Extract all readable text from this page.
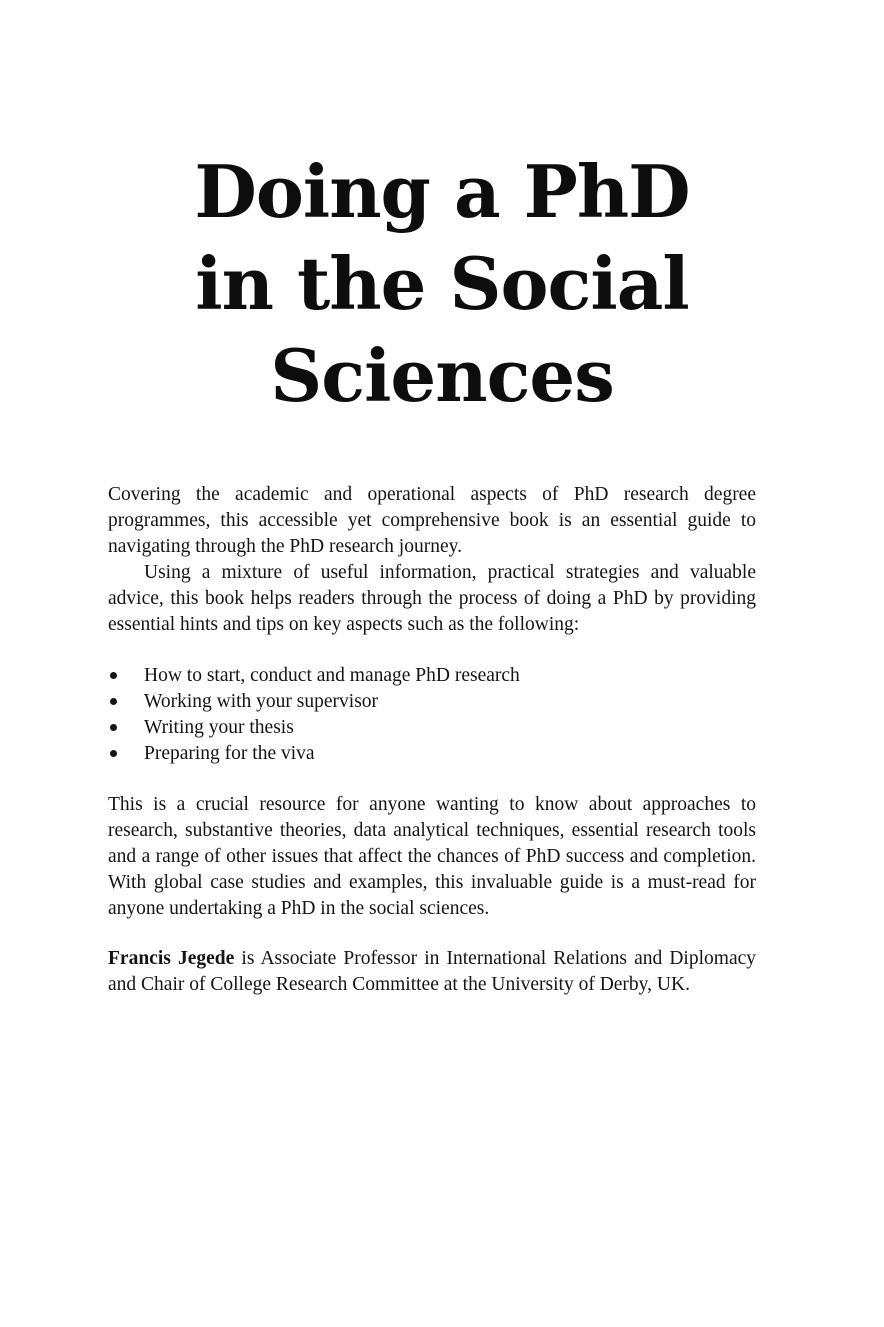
Doing a PhD
in the Social
Sciences

Covering the academic and operational aspects of PhD research degree programmes, this accessible yet comprehensive book is an essential guide to navigating through the PhD research journey.

Using a mixture of useful information, practical strategies and valuable advice, this book helps readers through the process of doing a PhD by providing essential hints and tips on key aspects such as the following:

How to start, conduct and manage PhD research
Working with your supervisor
Writing your thesis
Preparing for the viva

This is a crucial resource for anyone wanting to know about approaches to research, substantive theories, data analytical techniques, essential research tools and a range of other issues that affect the chances of PhD success and completion. With global case studies and examples, this invaluable guide is a must-read for anyone undertaking a PhD in the social sciences.

Francis Jegede is Associate Professor in International Relations and Diplomacy and Chair of College Research Committee at the University of Derby, UK.
